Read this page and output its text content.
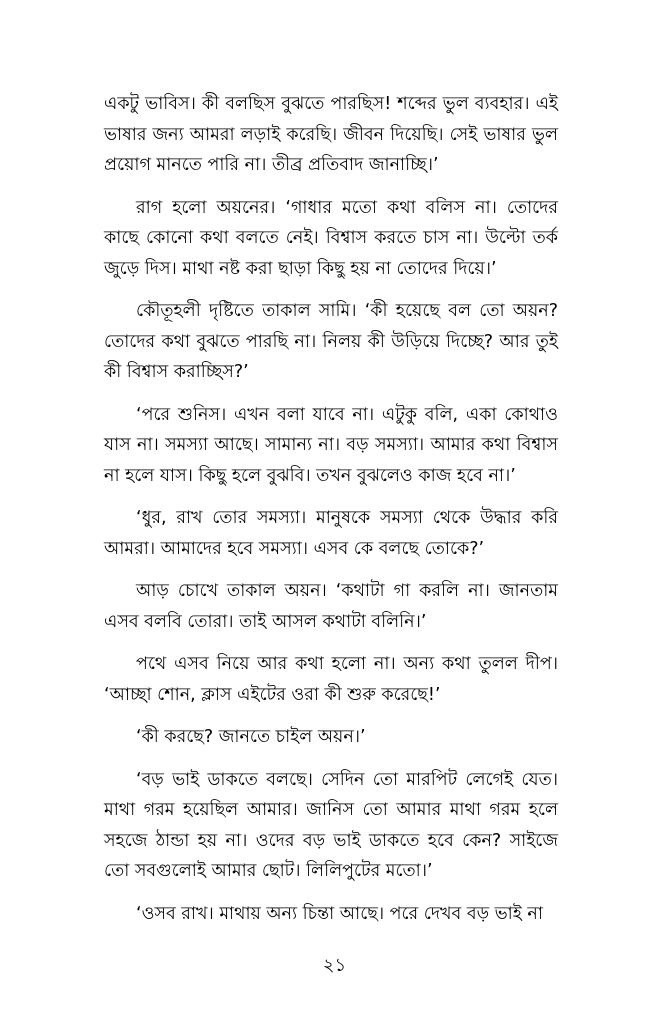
একটু ভাবিস। কী বলছিস বুঝতে পারছিস! শব্দের ভুল ব্যবহার। এই ভাষার জন্য আমরা লড়াই করেছি। জীবন দিয়েছি। সেই ভাষার ভুল প্রয়োগ মানতে পারি না। তীব্র প্রতিবাদ জানাচ্ছি।’

রাগ হলো অয়নের। ‘গাধার মতো কথা বলিস না। তোদের কাছে কোনো কথা বলতে নেই। বিশ্বাস করতে চাস না। উল্টো তর্ক জুড়ে দিস। মাথা নষ্ট করা ছাড়া কিছু হয় না তোদের দিয়ে।’

কৌতূহলী দৃষ্টিতে তাকাল সামি। ‘কী হয়েছে বল তো অয়ন? তোদের কথা বুঝতে পারছি না। নিলয় কী উড়িয়ে দিচ্ছে? আর তুই কী বিশ্বাস করাচ্ছিস?’

‘পরে শুনিস। এখন বলা যাবে না। এটুকু বলি, একা কোথাও যাস না। সমস্যা আছে। সামান্য না। বড় সমস্যা। আমার কথা বিশ্বাস না হলে যাস। কিছু হলে বুঝবি। তখন বুঝলেও কাজ হবে না।’

‘ধুর, রাখ তোর সমস্যা। মানুষকে সমস্যা থেকে উদ্ধার করি আমরা। আমাদের হবে সমস্যা। এসব কে বলছে তোকে?’

আড় চোখে তাকাল অয়ন। ‘কথাটা গা করলি না। জানতাম এসব বলবি তোরা। তাই আসল কথাটা বলিনি।’

পথে এসব নিয়ে আর কথা হলো না। অন্য কথা তুলল দীপ। ‘আচ্ছা শোন, ক্লাস এইটের ওরা কী শুরু করেছে!’

‘কী করছে? জানতে চাইল অয়ন।’

‘বড় ভাই ডাকতে বলছে। সেদিন তো মারপিট লেগেই যেত। মাথা গরম হয়েছিল আমার। জানিস তো আমার মাথা গরম হলে সহজে ঠান্ডা হয় না। ওদের বড় ভাই ডাকতে হবে কেন? সাইজে তো সবগুলোই আমার ছোট। লিলিপুটের মতো।’

‘ওসব রাখ। মাথায় অন্য চিন্তা আছে। পরে দেখব বড় ভাই না

২১
